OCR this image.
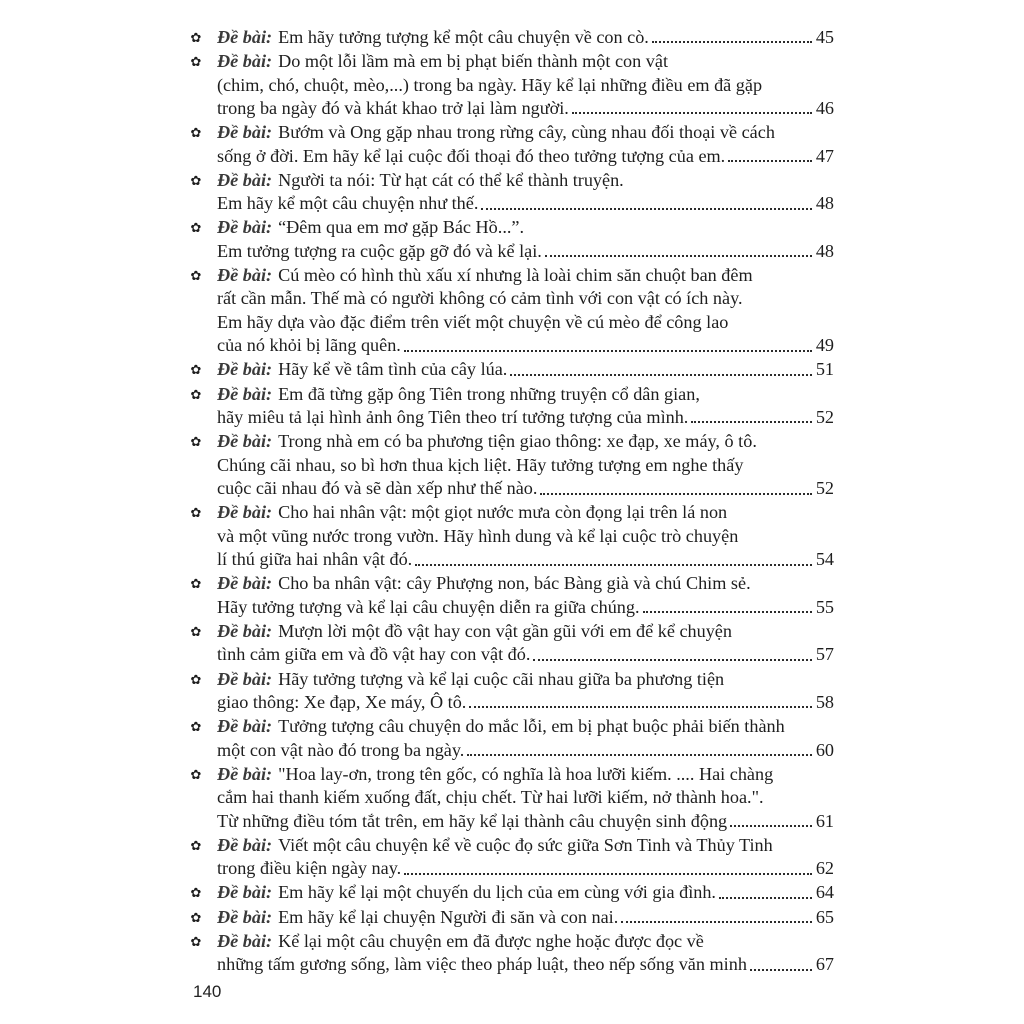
✿ Đề bài: Em hãy tưởng tượng kể một câu chuyện về con cò.	45
✿ Đề bài: Do một lỗi lầm mà em bị phạt biến thành một con vật
(chim, chó, chuột, mèo,...) trong ba ngày. Hãy kể lại những điều em đã gặp
trong ba ngày đó và khát khao trở lại làm người.	46
✿ Đề bài: Bướm và Ong gặp nhau trong rừng cây, cùng nhau đối thoại về cách
sống ở đời. Em hãy kể lại cuộc đối thoại đó theo tưởng tượng của em.	47
✿ Đề bài: Người ta nói: Từ hạt cát có thể kể thành truyện.
Em hãy kể một câu chuyện như thế.	48
✿ Đề bài: “Đêm qua em mơ gặp Bác Hồ...”.
Em tưởng tượng ra cuộc gặp gỡ đó và kể lại.	48
✿ Đề bài: Cú mèo có hình thù xấu xí nhưng là loài chim săn chuột ban đêm
rất cần mẫn. Thế mà có người không có cảm tình với con vật có ích này.
Em hãy dựa vào đặc điểm trên viết một chuyện về cú mèo để công lao
của nó khỏi bị lãng quên.	49
✿ Đề bài: Hãy kể về tâm tình của cây lúa.	51
✿ Đề bài: Em đã từng gặp ông Tiên trong những truyện cổ dân gian,
hãy miêu tả lại hình ảnh ông Tiên theo trí tưởng tượng của mình.	52
✿ Đề bài: Trong nhà em có ba phương tiện giao thông: xe đạp, xe máy, ô tô.
Chúng cãi nhau, so bì hơn thua kịch liệt. Hãy tưởng tượng em nghe thấy
cuộc cãi nhau đó và sẽ dàn xếp như thế nào.	52
✿ Đề bài: Cho hai nhân vật: một giọt nước mưa còn đọng lại trên lá non
và một vũng nước trong vườn. Hãy hình dung và kể lại cuộc trò chuyện
lí thú giữa hai nhân vật đó.	54
✿ Đề bài: Cho ba nhân vật: cây Phượng non, bác Bàng già và chú Chim sẻ.
Hãy tưởng tượng và kể lại câu chuyện diễn ra giữa chúng.	55
✿ Đề bài: Mượn lời một đồ vật hay con vật gần gũi với em để kể chuyện
tình cảm giữa em và đồ vật hay con vật đó.	57
✿ Đề bài: Hãy tưởng tượng và kể lại cuộc cãi nhau giữa ba phương tiện
giao thông: Xe đạp, Xe máy, Ô tô.	58
✿ Đề bài: Tưởng tượng câu chuyện do mắc lỗi, em bị phạt buộc phải biến thành
một con vật nào đó trong ba ngày.	60
✿ Đề bài: "Hoa lay-ơn, trong tên gốc, có nghĩa là hoa lưỡi kiếm. .... Hai chàng
cắm hai thanh kiếm xuống đất, chịu chết. Từ hai lưỡi kiếm, nở thành hoa.".
Từ những điều tóm tắt trên, em hãy kể lại thành câu chuyện sinh động	61
✿ Đề bài: Viết một câu chuyện kể về cuộc đọ sức giữa Sơn Tinh và Thủy Tinh
trong điều kiện ngày nay.	62
✿ Đề bài: Em hãy kể lại một chuyến du lịch của em cùng với gia đình.	64
✿ Đề bài: Em hãy kể lại chuyện Người đi săn và con nai.	65
✿ Đề bài: Kể lại một câu chuyện em đã được nghe hoặc được đọc về
những tấm gương sống, làm việc theo pháp luật, theo nếp sống văn minh	67
140
